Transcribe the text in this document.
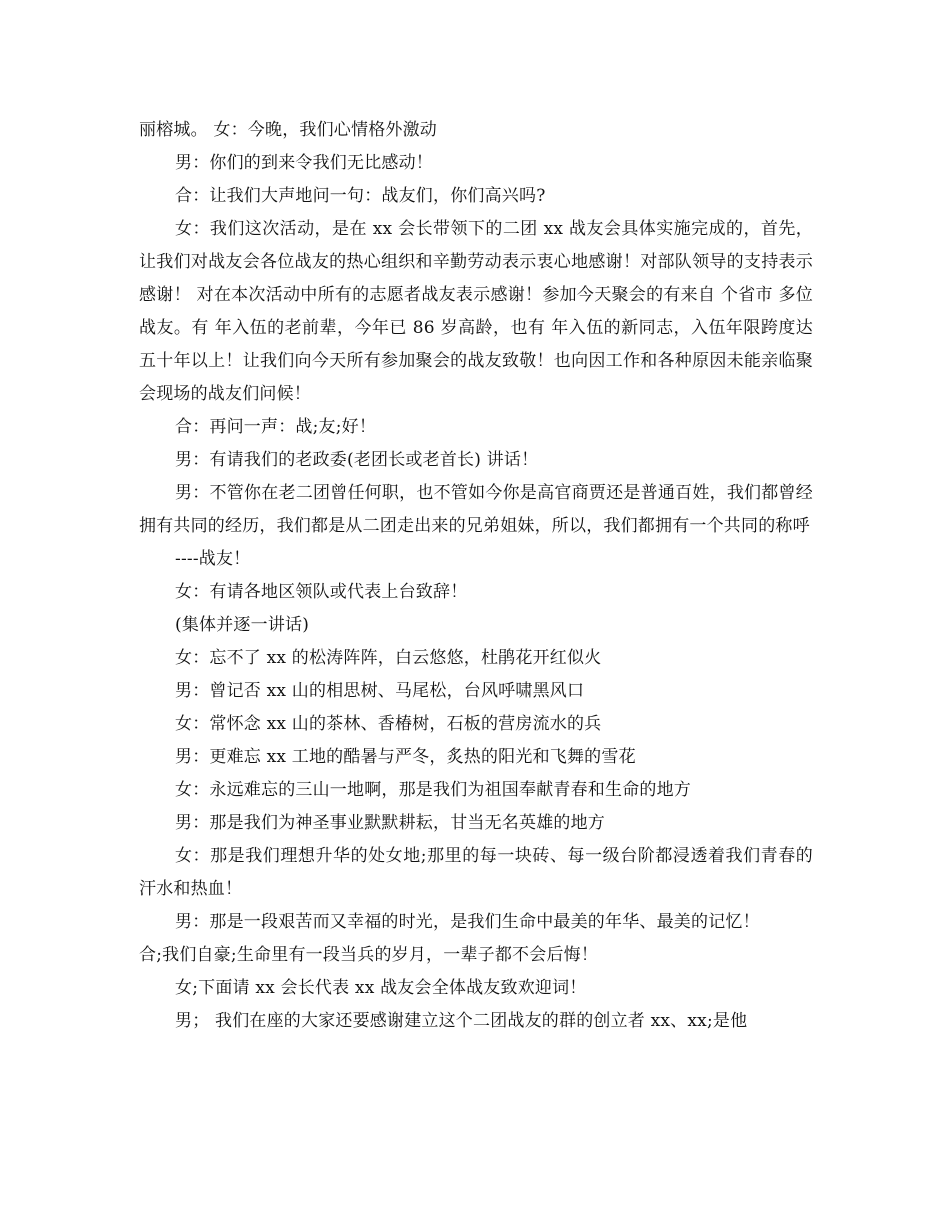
丽榕城。 女：今晚，我们心情格外激动

男：你们的到来令我们无比感动！

合：让我们大声地问一句：战友们，你们高兴吗?

女：我们这次活动，是在 xx 会长带领下的二团 xx 战友会具体实施完成的，首先，让我们对战友会各位战友的热心组织和辛勤劳动表示衷心地感谢！对部队领导的支持表示感谢！ 对在本次活动中所有的志愿者战友表示感谢！参加今天聚会的有来自 个省市 多位战友。有 年入伍的老前辈，今年已 86 岁高龄，也有 年入伍的新同志，入伍年限跨度达五十年以上！让我们向今天所有参加聚会的战友致敬！也向因工作和各种原因未能亲临聚会现场的战友们问候！

合：再问一声：战;友;好！

男：有请我们的老政委(老团长或老首长) 讲话！

男：不管你在老二团曾任何职，也不管如今你是高官商贾还是普通百姓，我们都曾经拥有共同的经历，我们都是从二团走出来的兄弟姐妹，所以，我们都拥有一个共同的称呼

----战友！

女：有请各地区领队或代表上台致辞！

(集体并逐一讲话)

女：忘不了 xx 的松涛阵阵，白云悠悠，杜鹃花开红似火

男：曾记否 xx 山的相思树、马尾松，台风呼啸黑风口

女：常怀念 xx 山的茶林、香椿树，石板的营房流水的兵

男：更难忘 xx 工地的酷暑与严冬，炙热的阳光和飞舞的雪花

女：永远难忘的三山一地啊，那是我们为祖国奉献青春和生命的地方

男：那是我们为神圣事业默默耕耘，甘当无名英雄的地方

女：那是我们理想升华的处女地;那里的每一块砖、每一级台阶都浸透着我们青春的汗水和热血！

男：那是一段艰苦而又幸福的时光，是我们生命中最美的年华、最美的记忆！

合;我们自豪;生命里有一段当兵的岁月，一辈子都不会后悔！

女;下面请 xx 会长代表 xx 战友会全体战友致欢迎词！

男； 我们在座的大家还要感谢建立这个二团战友的群的创立者 xx、xx;是他
